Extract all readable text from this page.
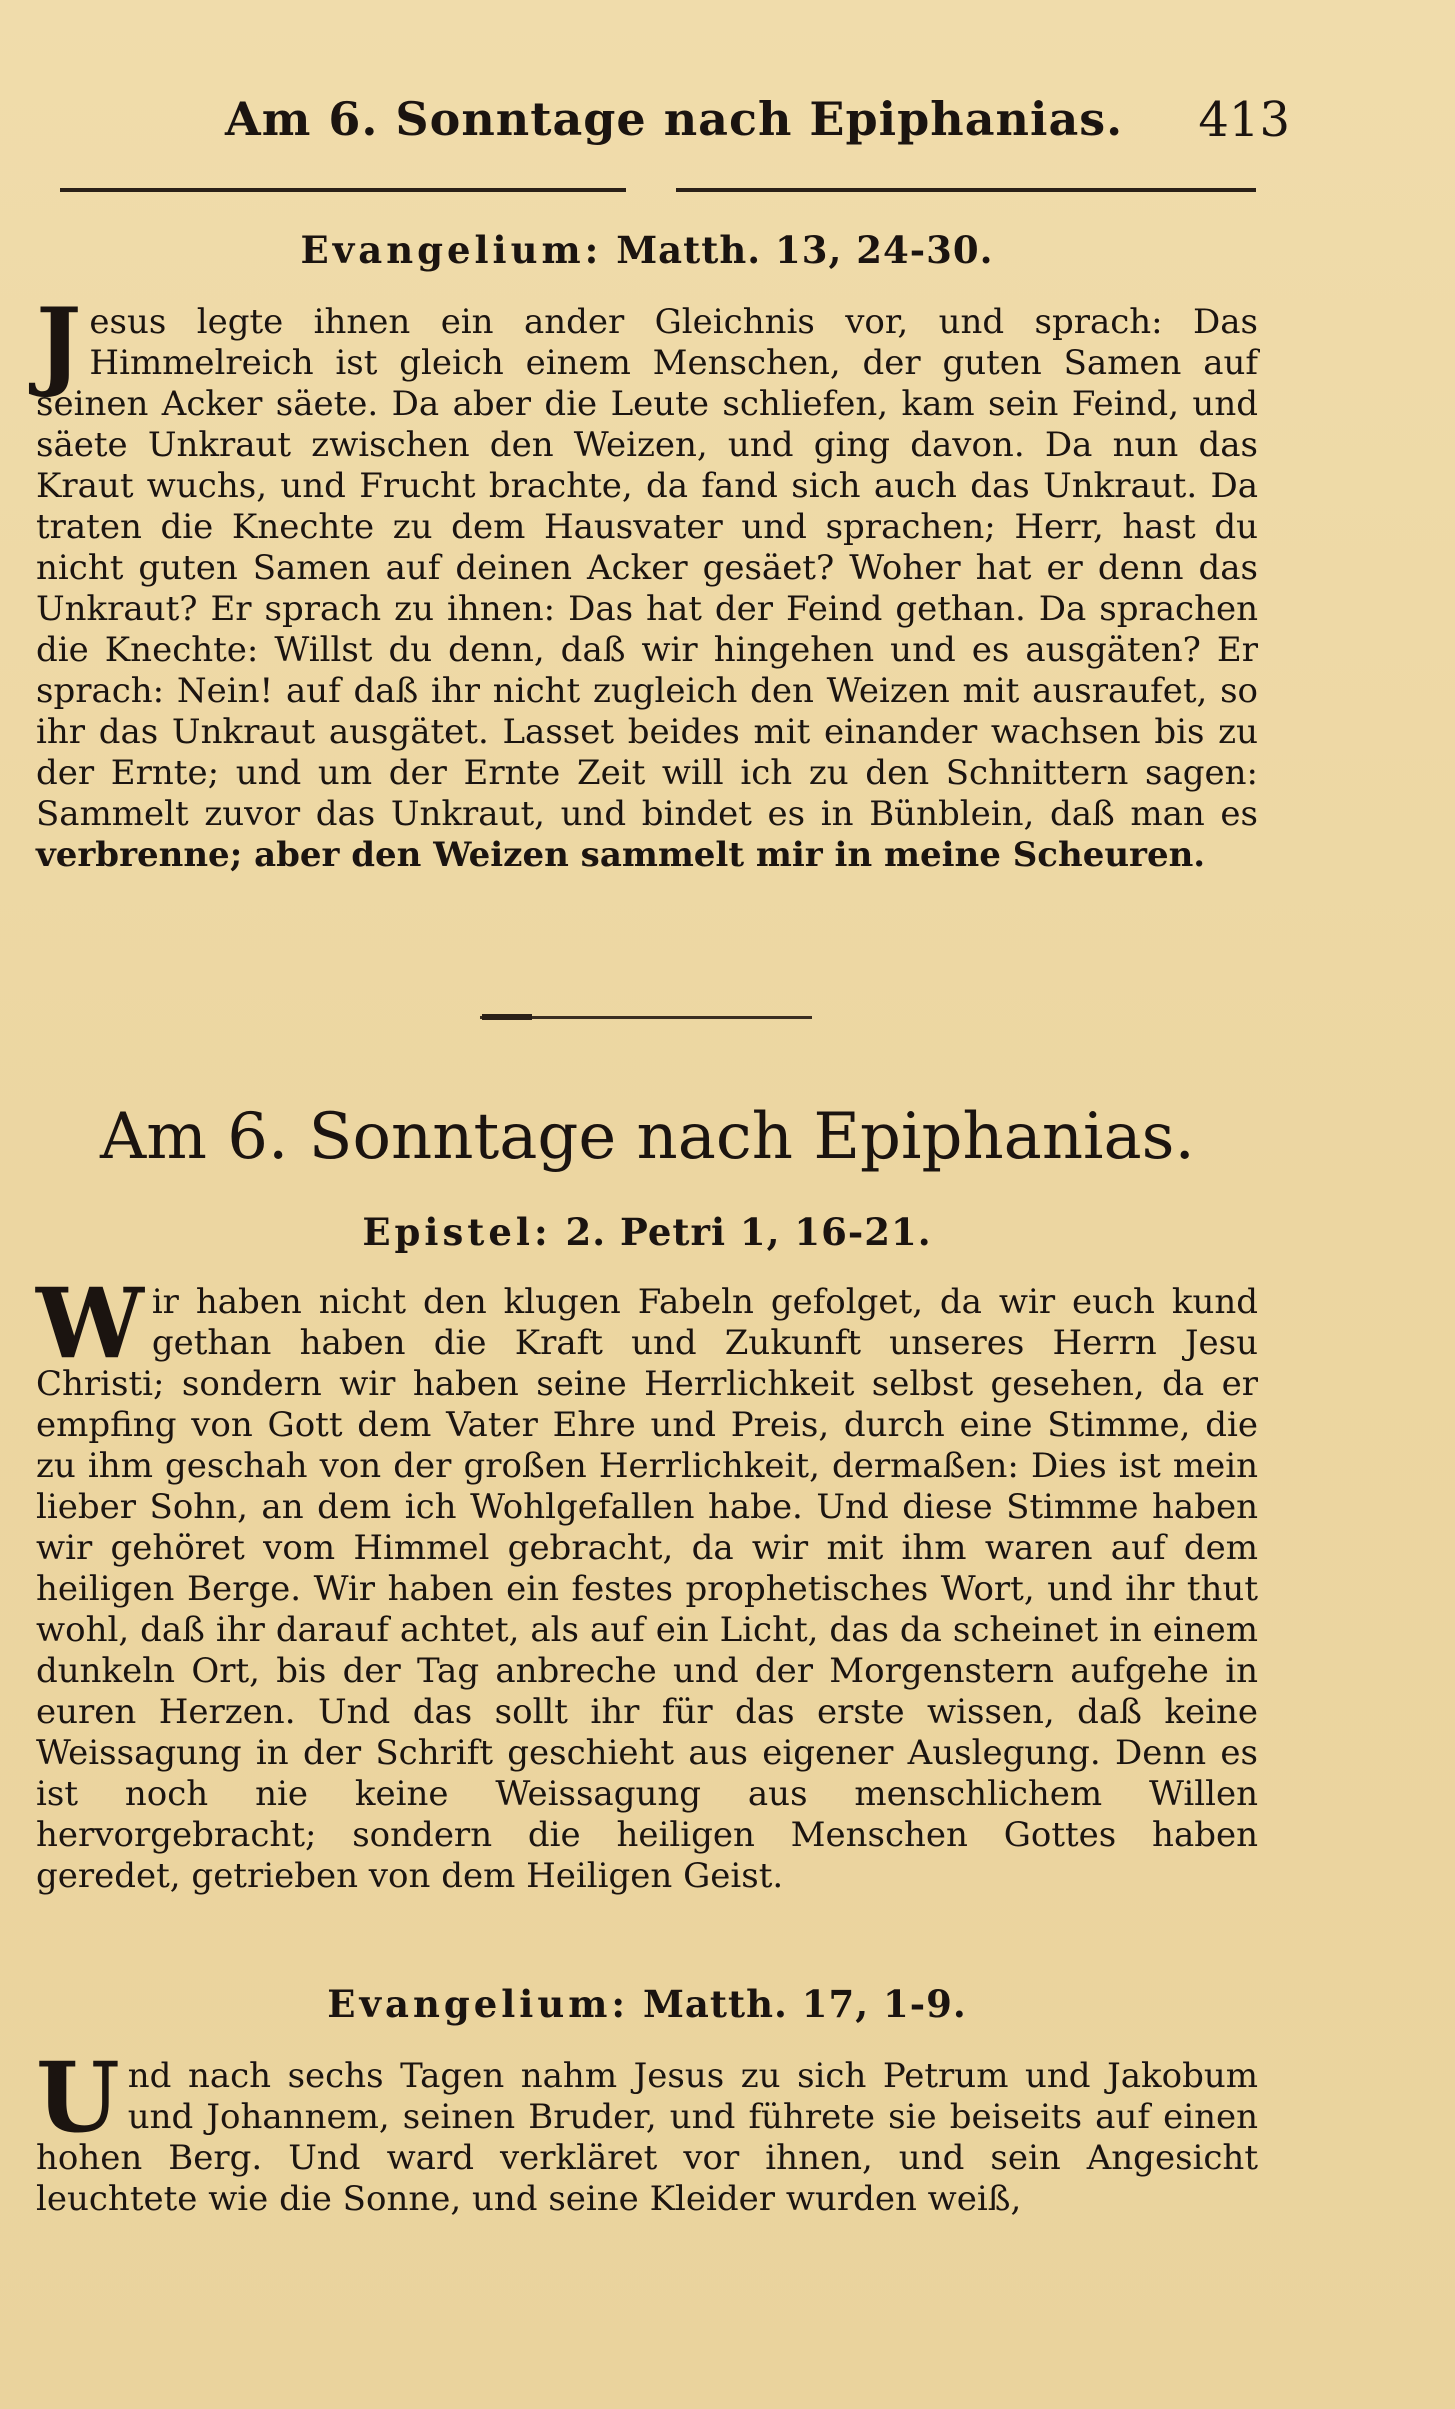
Am 6. Sonntage nach Epiphanias. 413
Evangelium: Matth. 13, 24-30.

Jesus legte ihnen ein ander Gleichnis vor, und sprach: Das Himmelreich ist gleich einem Menschen, der guten Samen auf seinen Acker säete. Da aber die Leute schliefen, kam sein Feind, und säete Unkraut zwischen den Weizen, und ging davon. Da nun das Kraut wuchs, und Frucht brachte, da fand sich auch das Unkraut. Da traten die Knechte zu dem Hausvater und sprachen; Herr, hast du nicht guten Samen auf deinen Acker gesäet? Woher hat er denn das Unkraut? Er sprach zu ihnen: Das hat der Feind gethan. Da sprachen die Knechte: Willst du denn, daß wir hingehen und es ausgäten? Er sprach: Nein! auf daß ihr nicht zugleich den Weizen mit ausraufet, so ihr das Unkraut ausgätet. Lasset beides mit einander wachsen bis zu der Ernte; und um der Ernte Zeit will ich zu den Schnittern sagen: Sammelt zuvor das Unkraut, und bindet es in Bünblein, daß man es verbrenne; aber den Weizen sammelt mir in meine Scheuren.

Am 6. Sonntage nach Epiphanias.
Epistel: 2. Petri 1, 16-21.

Wir haben nicht den klugen Fabeln gefolget, da wir euch kund gethan haben die Kraft und Zukunft unseres Herrn Jesu Christi; sondern wir haben seine Herrlichkeit selbst gesehen, da er empfing von Gott dem Vater Ehre und Preis, durch eine Stimme, die zu ihm geschah von der großen Herrlichkeit, dermaßen: Dies ist mein lieber Sohn, an dem ich Wohlgefallen habe. Und diese Stimme haben wir gehöret vom Himmel gebracht, da wir mit ihm waren auf dem heiligen Berge. Wir haben ein festes prophetisches Wort, und ihr thut wohl, daß ihr darauf achtet, als auf ein Licht, das da scheinet in einem dunkeln Ort, bis der Tag anbreche und der Morgenstern aufgehe in euren Herzen. Und das sollt ihr für das erste wissen, daß keine Weissagung in der Schrift geschieht aus eigener Auslegung. Denn es ist noch nie keine Weissagung aus menschlichem Willen hervorgebracht; sondern die heiligen Menschen Gottes haben geredet, getrieben von dem Heiligen Geist.

Evangelium: Matth. 17, 1-9.

Und nach sechs Tagen nahm Jesus zu sich Petrum und Jakobum und Johannem, seinen Bruder, und führete sie beiseits auf einen hohen Berg. Und ward verkläret vor ihnen, und sein Angesicht leuchtete wie die Sonne, und seine Kleider wurden weiß,
